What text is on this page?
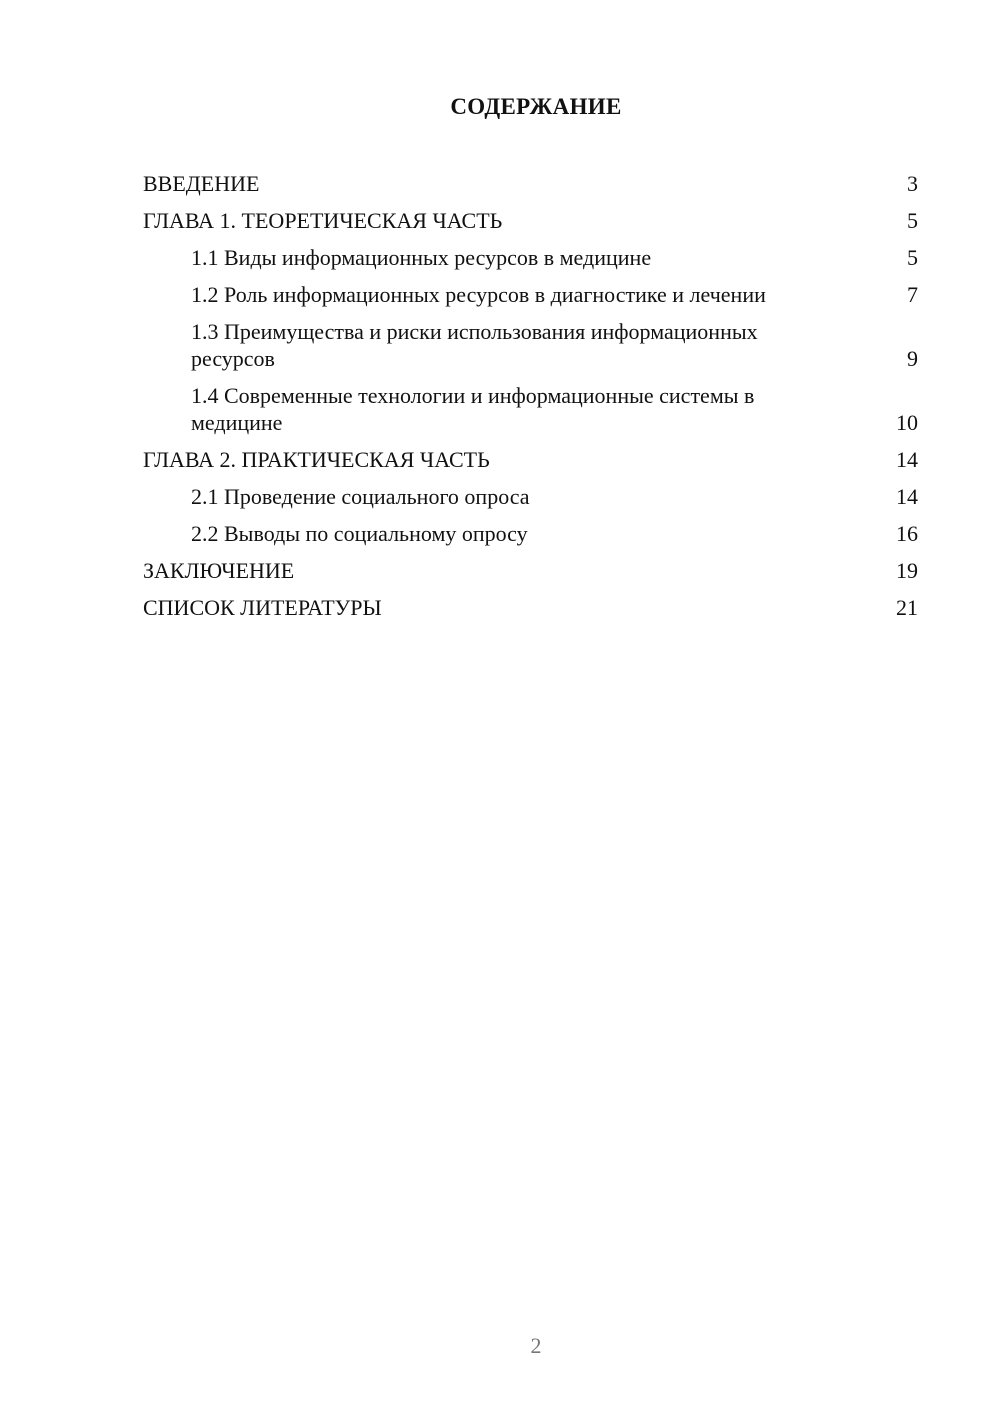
СОДЕРЖАНИЕ
ВВЕДЕНИЕ	3
ГЛАВА 1. ТЕОРЕТИЧЕСКАЯ ЧАСТЬ	5
1.1 Виды информационных ресурсов в медицине	5
1.2 Роль информационных ресурсов в диагностике и лечении	7
1.3 Преимущества и риски использования информационных ресурсов	9
1.4 Современные технологии и информационные системы в медицине	10
ГЛАВА 2. ПРАКТИЧЕСКАЯ ЧАСТЬ	14
2.1 Проведение социального опроса	14
2.2 Выводы по социальному опросу	16
ЗАКЛЮЧЕНИЕ	19
СПИСОК ЛИТЕРАТУРЫ	21
2
